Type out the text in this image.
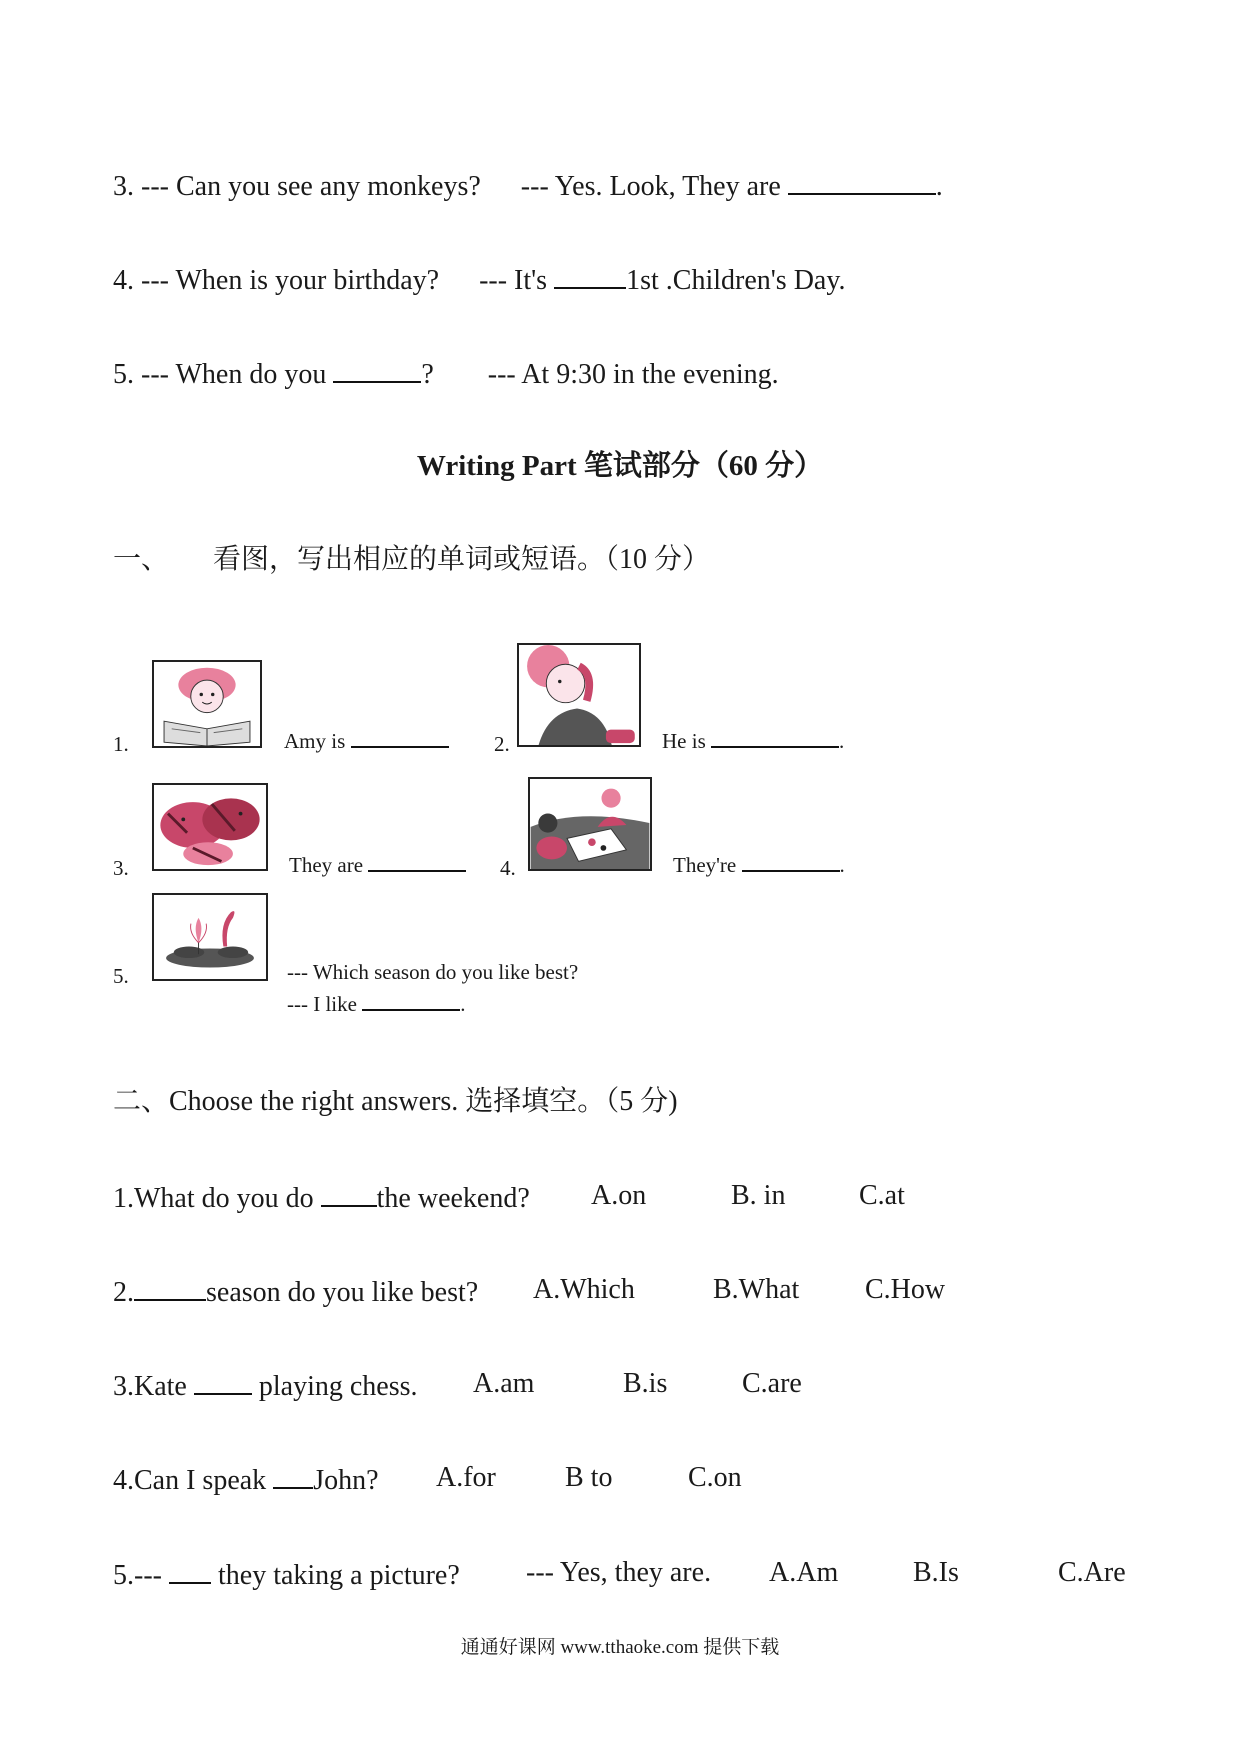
3. --- Can you see any monkeys? --- Yes. Look, They are	.
4. --- When is your birthday? --- It's	1st .Children's Day.
5. --- When do you	? --- At 9:30 in the evening.
Writing Part 笔试部分（60 分）
一、 看图，写出相应的单词或短语。（10 分）
1.	Amy is	2.	He is	.
3.	They are	4.	They're	.
5.	--- Which season do you like best?
--- I like	.
二、Choose the right answers. 选择填空。（5 分)
1.What do you do the weekend? A.on	B. in	C.at
2.	season do you like best? A.Which	B.What C.How
3.Kate	playing chess. A.am	B.is	C.are
4.Can I speak John? A.for B to	C.on
5.--- they taking a picture? --- Yes, they are. A.Am	B.Is	C.Are
通通好课网 www.tthaoke.com 提供下载
